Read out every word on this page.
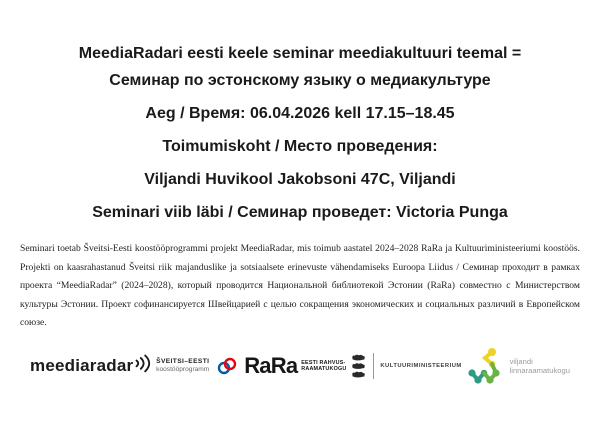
MeediaRadari eesti keele seminar meediakultuuri teemal =
Семинар по эстонскому языку о медиакультуре
Aeg / Время: 06.04.2026 kell 17.15–18.45
Toimumiskoht / Место проведения:
Viljandi Huvikool Jakobsoni 47C, Viljandi
Seminari viib läbi / Семинар проведет: Victoria Punga

Seminari toetab Šveitsi-Eesti koostööprogrammi projekt MeediaRadar, mis toimub aastatel 2024–2028 RaRa ja Kultuuriministeeriumi koostöös. Projekti on kaasrahastanud Šveitsi riik majanduslike ja sotsiaalsete erinevuste vähendamiseks Euroopa Liidus / Семинар проходит в рамках проекта “MeediaRadar” (2024–2028), который проводится Национальной библиотекой Эстонии (RaRa) совместно с Министерством культуры Эстонии. Проект софинансируется Швейцарией с целью сокращения экономических и социальных различий в Европейском союзе.

meediaradar	ŠVEITSI–EESTI
koostööprogramm RaRa EESTI RAHVUS-
RAAMATUKOGU	KULTUURIMINISTEERIUM	viljandi
linnaraamatukogu
